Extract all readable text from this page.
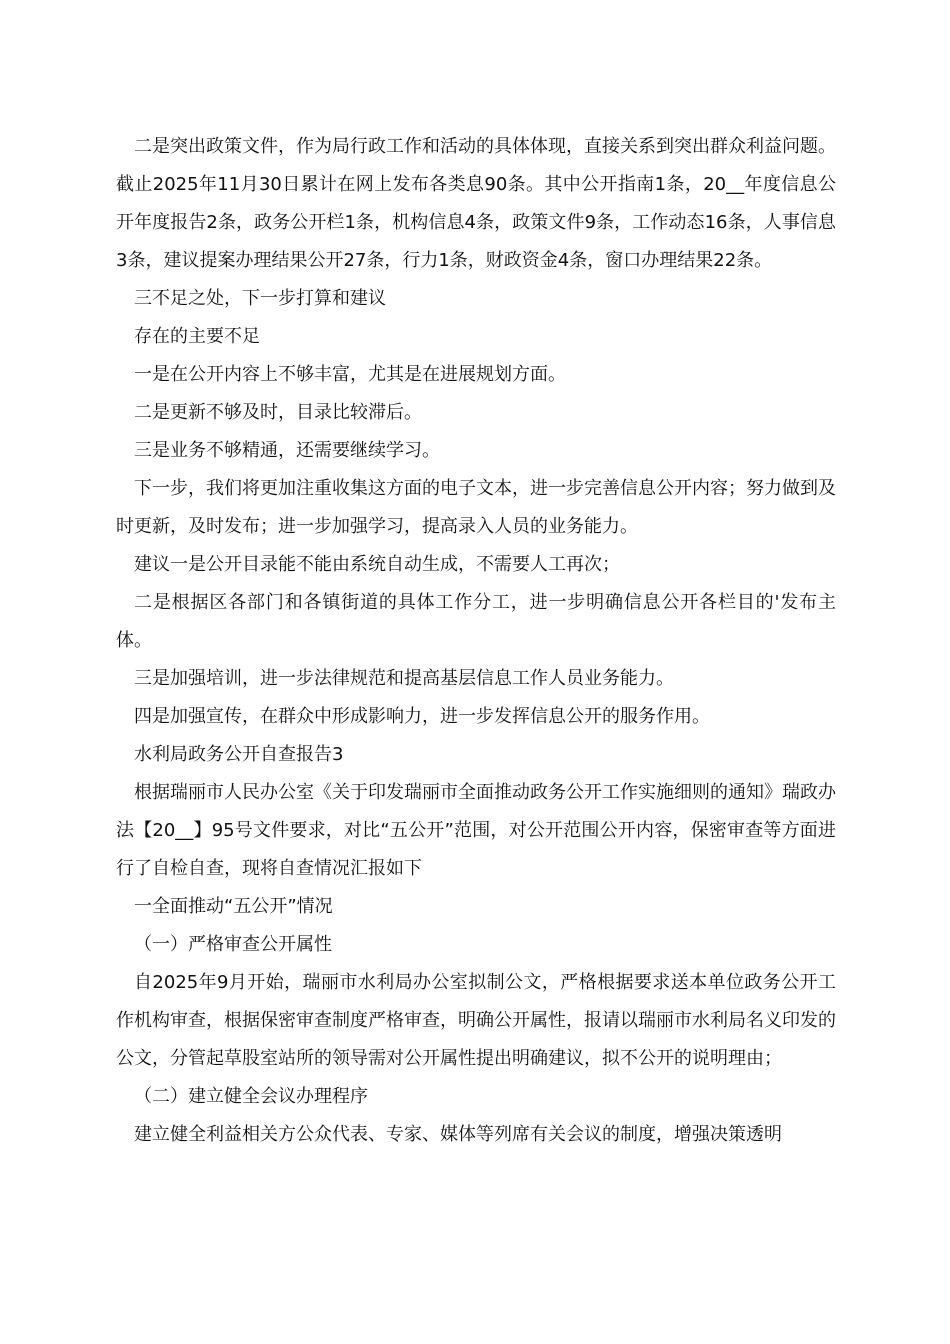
二是突出政策文件，作为局行政工作和活动的具体体现，直接关系到突出群众利益问题。截止2025年11月30日累计在网上发布各类息90条。其中公开指南1条，20__年度信息公开年度报告2条，政务公开栏1条，机构信息4条，政策文件9条，工作动态16条，人事信息3条，建议提案办理结果公开27条，行力1条，财政资金4条，窗口办理结果22条。

三不足之处，下一步打算和建议

存在的主要不足

一是在公开内容上不够丰富，尤其是在进展规划方面。

二是更新不够及时，目录比较滞后。

三是业务不够精通，还需要继续学习。

下一步，我们将更加注重收集这方面的电子文本，进一步完善信息公开内容；努力做到及时更新，及时发布；进一步加强学习，提高录入人员的业务能力。

建议一是公开目录能不能由系统自动生成，不需要人工再次；

二是根据区各部门和各镇街道的具体工作分工，进一步明确信息公开各栏目的'发布主体。

三是加强培训，进一步法律规范和提高基层信息工作人员业务能力。

四是加强宣传，在群众中形成影响力，进一步发挥信息公开的服务作用。

水利局政务公开自查报告3

根据瑞丽市人民办公室《关于印发瑞丽市全面推动政务公开工作实施细则的通知》瑞政办法【20__】95号文件要求，对比“五公开”范围，对公开范围公开内容，保密审查等方面进行了自检自查，现将自查情况汇报如下

一全面推动“五公开”情况

（一）严格审查公开属性

自2025年9月开始，瑞丽市水利局办公室拟制公文，严格根据要求送本单位政务公开工作机构审查，根据保密审查制度严格审查，明确公开属性，报请以瑞丽市水利局名义印发的公文，分管起草股室站所的领导需对公开属性提出明确建议，拟不公开的说明理由；

（二）建立健全会议办理程序

建立健全利益相关方公众代表、专家、媒体等列席有关会议的制度，增强决策透明
